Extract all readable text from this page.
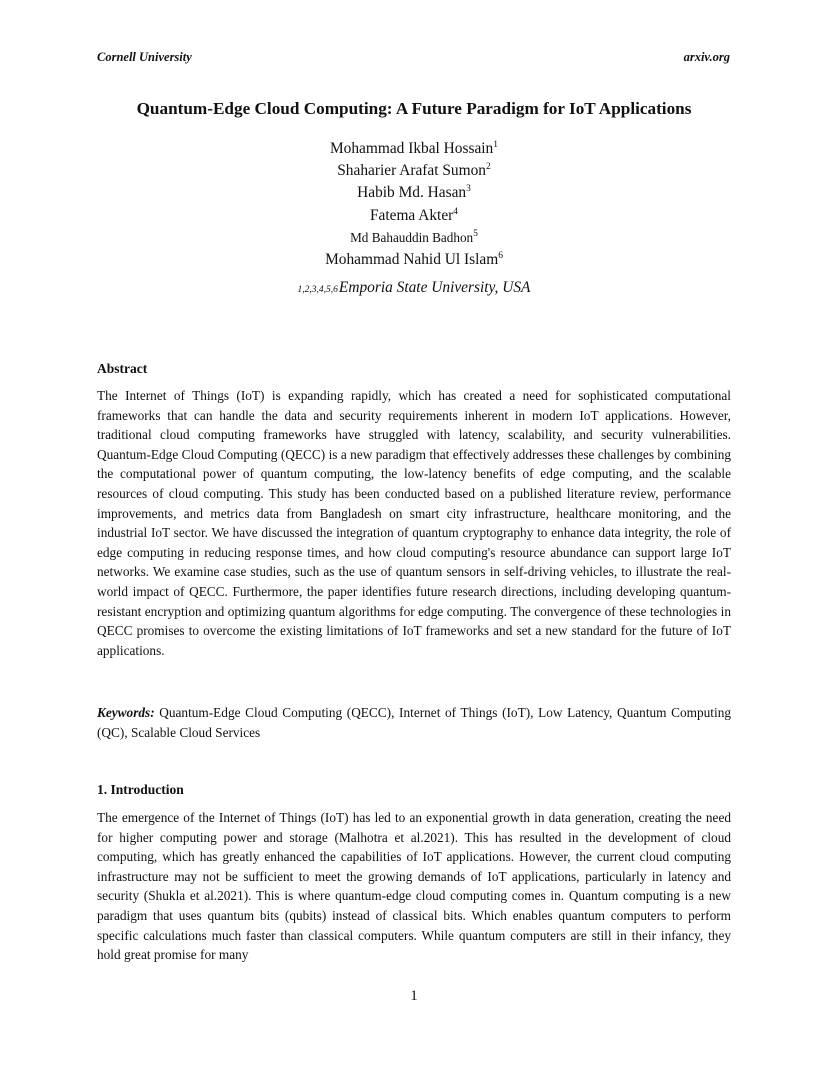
Cornell University	arxiv.org
Quantum-Edge Cloud Computing: A Future Paradigm for IoT Applications
Mohammad Ikbal Hossain$^1$
Shaharier Arafat Sumon$^2$
Habib Md. Hasan$^3$
Fatema Akter$^4$
Md Bahauddin Badhon$^5$
Mohammad Nahid Ul Islam$^6$
1,2,3,4,5,6Emporia State University, USA
Abstract

The Internet of Things (IoT) is expanding rapidly, which has created a need for sophisticated computational frameworks that can handle the data and security requirements inherent in modern IoT applications. However, traditional cloud computing frameworks have struggled with latency, scalability, and security vulnerabilities. Quantum-Edge Cloud Computing (QECC) is a new paradigm that effectively addresses these challenges by combining the computational power of quantum computing, the low-latency benefits of edge computing, and the scalable resources of cloud computing. This study has been conducted based on a published literature review, performance improvements, and metrics data from Bangladesh on smart city infrastructure, healthcare monitoring, and the industrial IoT sector. We have discussed the integration of quantum cryptography to enhance data integrity, the role of edge computing in reducing response times, and how cloud computing's resource abundance can support large IoT networks. We examine case studies, such as the use of quantum sensors in self-driving vehicles, to illustrate the real-world impact of QECC. Furthermore, the paper identifies future research directions, including developing quantum-resistant encryption and optimizing quantum algorithms for edge computing. The convergence of these technologies in QECC promises to overcome the existing limitations of IoT frameworks and set a new standard for the future of IoT applications.

Keywords: Quantum-Edge Cloud Computing (QECC), Internet of Things (IoT), Low Latency, Quantum Computing (QC), Scalable Cloud Services

1. Introduction

The emergence of the Internet of Things (IoT) has led to an exponential growth in data generation, creating the need for higher computing power and storage (Malhotra et al.2021). This has resulted in the development of cloud computing, which has greatly enhanced the capabilities of IoT applications. However, the current cloud computing infrastructure may not be sufficient to meet the growing demands of IoT applications, particularly in latency and security (Shukla et al.2021). This is where quantum-edge cloud computing comes in. Quantum computing is a new paradigm that uses quantum bits (qubits) instead of classical bits. Which enables quantum computers to perform specific calculations much faster than classical computers. While quantum computers are still in their infancy, they hold great promise for many

1
